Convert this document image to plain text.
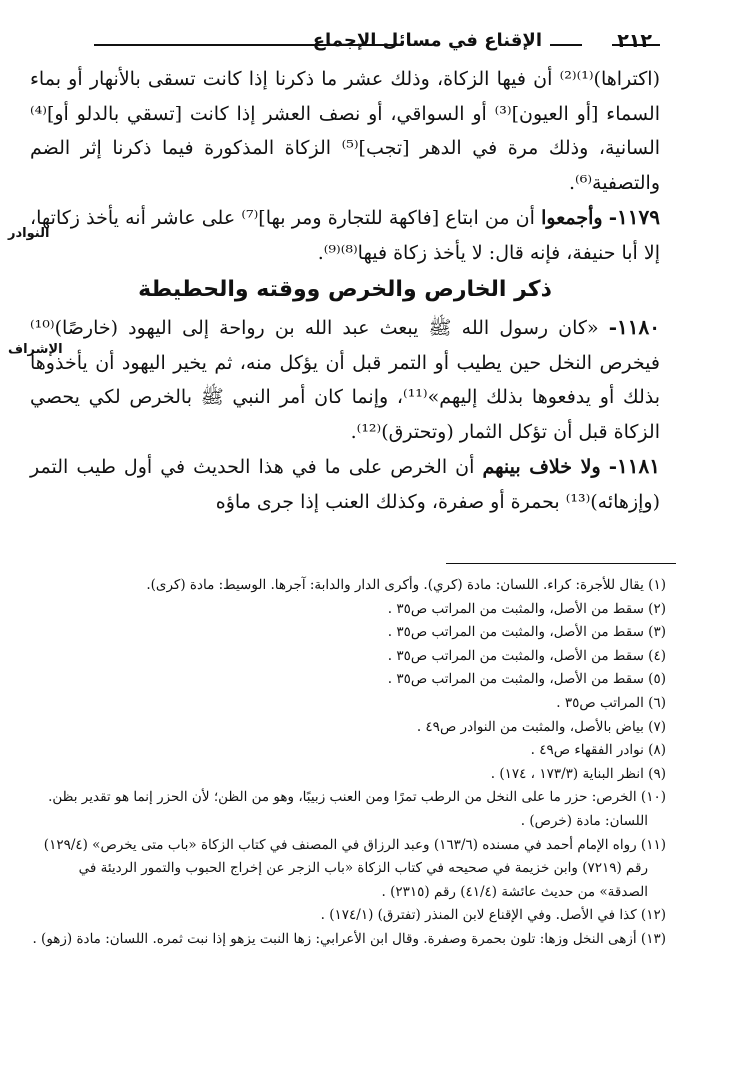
٢١٢
الإقناع في مسائل الإجماع
النوادر
الإشراف

(اكتراها)⁽¹⁾⁽²⁾ أن فيها الزكاة، وذلك عشر ما ذكرنا إذا كانت تسقى بالأنهار أو بماء السماء [أو العيون]⁽³⁾ أو السواقي، أو نصف العشر إذا كانت [تسقي بالدلو أو]⁽⁴⁾ السانية، وذلك مرة في الدهر [تجب]⁽⁵⁾ الزكاة المذكورة فيما ذكرنا إثر الضم والتصفية⁽⁶⁾.

١١٧٩- وأجمعوا أن من ابتاع [فاكهة للتجارة ومر بها]⁽⁷⁾ على عاشر أنه يأخذ زكاتها، إلا أبا حنيفة، فإنه قال: لا يأخذ زكاة فيها⁽⁸⁾⁽⁹⁾.

ذكر الخارص والخرص ووقته والحطيطة

١١٨٠- «كان رسول الله ﷺ يبعث عبد الله بن رواحة إلى اليهود (خارصًا)⁽¹⁰⁾ فيخرص النخل حين يطيب أو التمر قبل أن يؤكل منه، ثم يخير اليهود أن يأخذوها بذلك أو يدفعوها بذلك إليهم»⁽¹¹⁾، وإنما كان أمر النبي ﷺ بالخرص لكي يحصي الزكاة قبل أن تؤكل الثمار (وتحترق)⁽¹²⁾.

١١٨١- ولا خلاف بينهم أن الخرص على ما في هذا الحديث في أول طيب التمر (وإزهائه)⁽¹³⁾ بحمرة أو صفرة، وكذلك العنب إذا جرى ماؤه

(١) يقال للأجرة: كراء. اللسان: مادة (كري). وأكرى الدار والدابة: آجرها. الوسيط: مادة (كرى).

(٢) سقط من الأصل، والمثبت من المراتب ص٣٥ .

(٣) سقط من الأصل، والمثبت من المراتب ص٣٥ .

(٤) سقط من الأصل، والمثبت من المراتب ص٣٥ .

(٥) سقط من الأصل، والمثبت من المراتب ص٣٥ .

(٦) المراتب ص٣٥ .

(٧) بياض بالأصل، والمثبت من النوادر ص٤٩ .

(٨) نوادر الفقهاء ص٤٩ .

(٩) انظر البناية (١٧٣/٣ ، ١٧٤) .

(١٠) الخرص: حزر ما على النخل من الرطب تمرًا ومن العنب زبيبًا، وهو من الظن؛ لأن الحزر إنما هو تقدير بظن. اللسان: مادة (خرص) .

(١١) رواه الإمام أحمد في مسنده (١٦٣/٦) وعبد الرزاق في المصنف في كتاب الزكاة «باب متى يخرص» (١٢٩/٤) رقم (٧٢١٩) وابن خزيمة في صحيحه في كتاب الزكاة «باب الزجر عن إخراج الحبوب والتمور الرديئة في الصدقة» من حديث عائشة (٤١/٤) رقم (٢٣١٥) .

(١٢) كذا في الأصل. وفي الإقناع لابن المنذر (تفترق) (١٧٤/١) .

(١٣) أزهى النخل وزها: تلون بحمرة وصفرة. وقال ابن الأعرابي: زها النبت يزهو إذا نبت ثمره. اللسان: مادة (زهو) .
